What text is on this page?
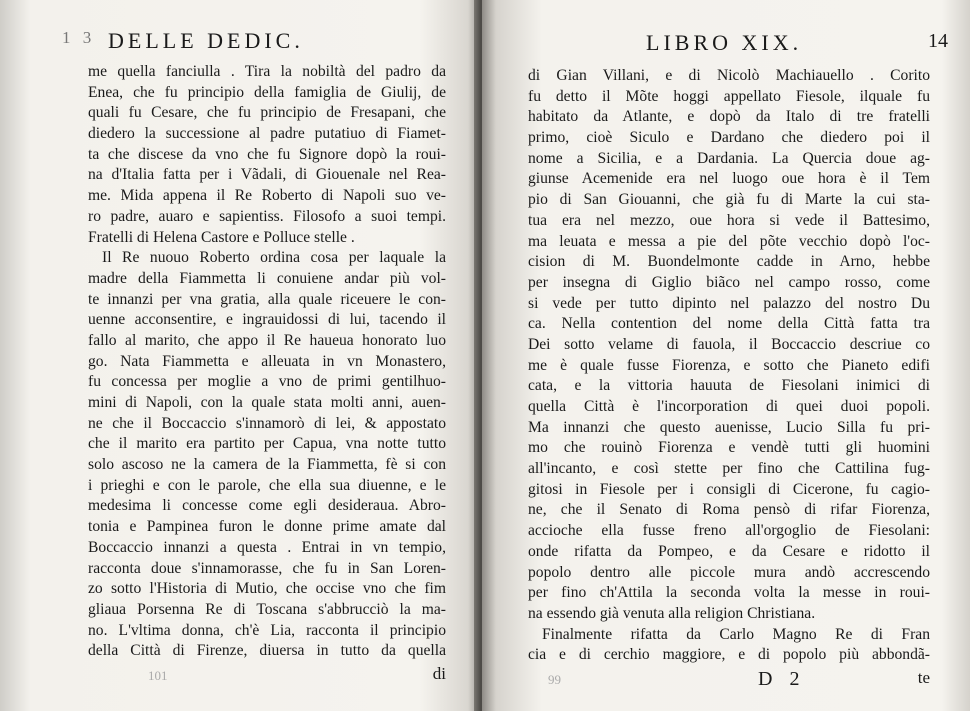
1 3 DELLE DEDIC.
me quella fanciulla . Tira la nobiltà del padro da
Enea, che fu principio della famiglia de Giulij, de
quali fu Cesare, che fu principio de Fresapani, che
diedero la successione al padre putatiuo di Fiamet-
ta che discese da vno che fu Signore dopò la roui-
na d'Italia fatta per i Vãdali, di Giouenale nel Rea-
me. Mida appena il Re Roberto di Napoli suo ve-
ro padre, auaro e sapientiss. Filosofo a suoi tempi.
Fratelli di Helena Castore e Polluce stelle .
Il Re nuouo Roberto ordina cosa per laquale la
madre della Fiammetta li conuiene andar più vol-
te innanzi per vna gratia, alla quale riceuere le con-
uenne acconsentire, e ingrauidossi di lui, tacendo il
fallo al marito, che appo il Re haueua honorato luo
go. Nata Fiammetta e alleuata in vn Monastero,
fu concessa per moglie a vno de primi gentilhuo-
mini di Napoli, con la quale stata molti anni, auen-
ne che il Boccaccio s'innamorò di lei, & appostato
che il marito era partito per Capua, vna notte tutto
solo ascoso ne la camera de la Fiammetta, fè si con
i prieghi e con le parole, che ella sua diuenne, e le
medesima li concesse come egli desideraua. Abro-
tonia e Pampinea furon le donne prime amate dal
Boccaccio innanzi a questa . Entrai in vn tempio,
racconta doue s'innamorasse, che fu in San Loren-
zo sotto l'Historia di Mutio, che occise vno che fim
gliaua Porsenna Re di Toscana s'abbrucciò la ma-
no. L'vltima donna, ch'è Lia, racconta il principio
della Città di Firenze, diuersa in tutto da quella
101	di
LIBRO XIX.	14
di Gian Villani, e di Nicolò Machiauello . Corito
fu detto il Mõte hoggi appellato Fiesole, ilquale fu
habitato da Atlante, e dopò da Italo di tre fratelli
primo, cioè Siculo e Dardano che diedero poi il
nome a Sicilia, e a Dardania. La Quercia doue ag-
giunse Acemenide era nel luogo oue hora è il Tem
pio di San Giouanni, che già fu di Marte la cui sta-
tua era nel mezzo, oue hora si vede il Battesimo,
ma leuata e messa a pie del põte vecchio dopò l'oc-
cision di M. Buondelmonte cadde in Arno, hebbe
per insegna di Giglio biãco nel campo rosso, come
si vede per tutto dipinto nel palazzo del nostro Du
ca. Nella contention del nome della Città fatta tra
Dei sotto velame di fauola, il Boccaccio descriue co
me è quale fusse Fiorenza, e sotto che Pianeto edifi
cata, e la vittoria hauuta de Fiesolani inimici di
quella Città è l'incorporation di quei duoi popoli.
Ma innanzi che questo auenisse, Lucio Silla fu pri-
mo che rouinò Fiorenza e vendè tutti gli huomini
all'incanto, e così stette per fino che Cattilina fug-
gitosi in Fiesole per i consigli di Cicerone, fu cagio-
ne, che il Senato di Roma pensò di rifar Fiorenza,
accioche ella fusse freno all'orgoglio de Fiesolani:
onde rifatta da Pompeo, e da Cesare e ridotto il
popolo dentro alle piccole mura andò accrescendo
per fino ch'Attila la seconda volta la messe in roui-
na essendo già venuta alla religion Christiana.
Finalmente rifatta da Carlo Magno Re di Fran
cia e di cerchio maggiore, e di popolo più abbondã-
99	D 2	te
